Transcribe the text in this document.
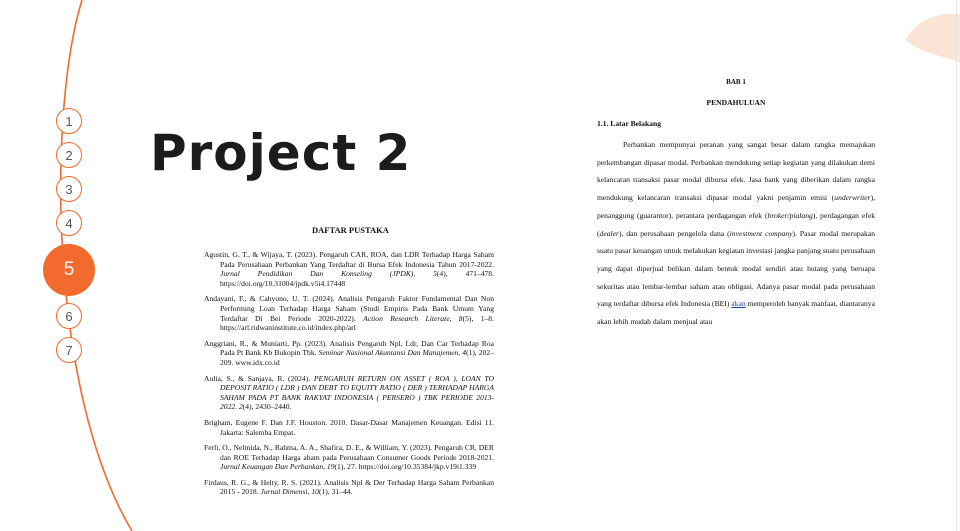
1
2
3
4
5
6
7
Project 2
DAFTAR PUSTAKA
Agustin, G. T., & Wijaya, T. (2023). Pengaruh CAR, ROA, dan LDR Terhadap Harga Saham Pada Perusahaan Perbankan Yang Terdaftar di Bursa Efek Indonesia Tahun 2017-2022. Jurnal Pendidikan Dan Konseling (JPDK), 5(4), 471–478. https://doi.org/10.31004/jpdk.v5i4.17448
Andayani, F., & Cahyono, U. T. (2024). Analisis Pengaruh Faktor Fundamental Dan Non Performing Loan Terhadap Harga Saham (Studi Empiris Pada Bank Umum Yang Terdaftar Di Bei Periode 2020-2022). Action Research Literate, 8(5), 1–8. https://arl.ridwaninstitute.co.id/index.php/arl
Anggriani, R., & Muniarti, Pp. (2023). Analisis Pengaruh Npl, Ldr, Dan Car Terhadap Roa Pada Pt Bank Kb Bukopin Tbk. Seminar Nasional Akuntansi Dan Manajemen, 4(1), 202–209. www.idx.co.id
Aulia, S., & Sanjaya, R. (2024). PENGARUH RETURN ON ASSET ( ROA ), LOAN TO DEPOSIT RATIO ( LDR ) DAN DEBT TO EQUITY RATIO ( DER ) TERHADAP HARGA SAHAM PADA PT BANK RAKYAT INDONESIA ( PERSERO ) TBK PERIODE 2013-2022. 2(4), 2430–2440.
Brigham, Eugene F. Dan J.F. Houston. 2010. Dasar-Dasar Manajemen Keuangan. Edisi 11. Jakarta: Salemba Empat.
Ferli, O., Nelmida, N., Rahma, A. A., Shafira, D. E., & William, Y. (2023). Pengaruh CR, DER dan ROE Terhadap Harga aham pada Perusahaan Consumer Goods Periode 2018-2021. Jurnal Keuangan Dan Perbankan, 19(1), 27. https://doi.org/10.35384/jkp.v19i1.339
Firdaus, R. G., & Helty, R. S. (2021). Analisis Npl & Der Terhadap Harga Saham Perbankan 2015 - 2018. Jurnal Dimensi, 10(1), 31–44.
BAB 1
PENDAHULUAN
1.1. Latar Belakang
Perbankan mempunyai peranan yang sangat besar dalam rangka memajukan perkembangan dipasar modal. Perbankan mendukung setiap kegiatan yang dilakukan demi kelancaran transaksi pasar modal dibursa efek. Jasa bank yang diberikan dalam rangka mendukung kelancaran transaksi dipasar modal yakni penjamin emisi (underwriter), penanggung (guarantor), perantara perdagangan efek (broker/pialang), perdagangan efek (dealer), dan perusahaan pengelola dana (investment company). Pasar modal merupakan suatu pasar keuangan untuk melakukan kegiatan investasi jangka panjang suatu perusahaan yang dapat diperjual belikan dalam bentuk modal sendiri atau hutang yang beruapa sekuritas atau lembar-lembar saham atau obligasi. Adanya pasar modal pada perusahaan yang terdaftar dibursa efek Indonesia (BEI) akan memperoleh banyak manfaat, diantaranya akan lebih mudah dalam menjual atau
